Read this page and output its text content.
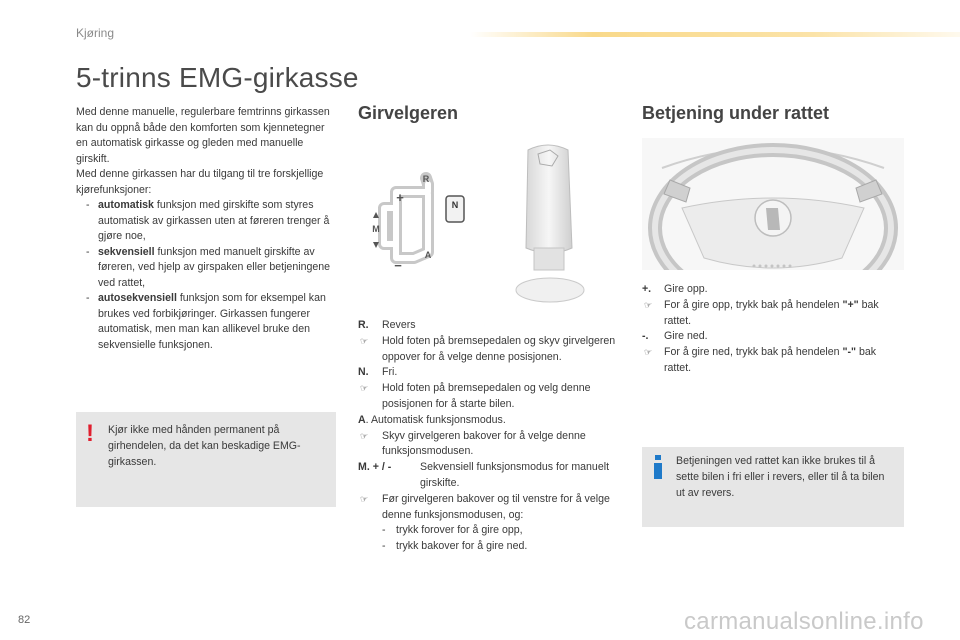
Kjøring
5-trinns EMG-girkasse

Med denne manuelle, regulerbare femtrinns girkassen kan du oppnå både den komforten som kjennetegner en automatisk girkasse og gleden med manuelle girskift.

Med denne girkassen har du tilgang til tre forskjellige kjørefunksjoner:

- automatisk funksjon med girskifte som styres automatisk av girkassen uten at føreren trenger å gjøre noe,
- sekvensiell funksjon med manuelt girskifte av føreren, ved hjelp av girspaken eller betjeningene ved rattet,
- autosekvensiell funksjon som for eksempel kan brukes ved forbikjøringer. Girkassen fungerer automatisk, men man kan allikevel bruke den sekvensielle funksjonen.
! Kjør ikke med hånden permanent på girhendelen, da det kan beskadige EMG-girkassen.
Girvelgeren	Betjening under rattet
N
R
A
M
+
−
R. Revers
☞ Hold foten på bremsepedalen og skyv girvelgeren oppover for å velge denne posisjonen.
N. Fri.
☞ Hold foten på bremsepedalen og velg denne posisjonen for å starte bilen.
A. Automatisk funksjonsmodus.
☞ Skyv girvelgeren bakover for å velge denne funksjonsmodusen.
M. + / -	Sekvensiell funksjonsmodus for manuelt girskifte.
☞ Før girvelgeren bakover og til venstre for å velge denne funksjonsmodusen, og:
- trykk forover for å gire opp,
- trykk bakover for å gire ned.
+. Gire opp.
☞ For å gire opp, trykk bak på hendelen "+" bak rattet.
-. Gire ned.
☞ For å gire ned, trykk bak på hendelen "-" bak rattet.
Betjeningen ved rattet kan ikke brukes til å sette bilen i fri eller i revers, eller til å ta bilen ut av revers.
82	carmanualsonline.info
